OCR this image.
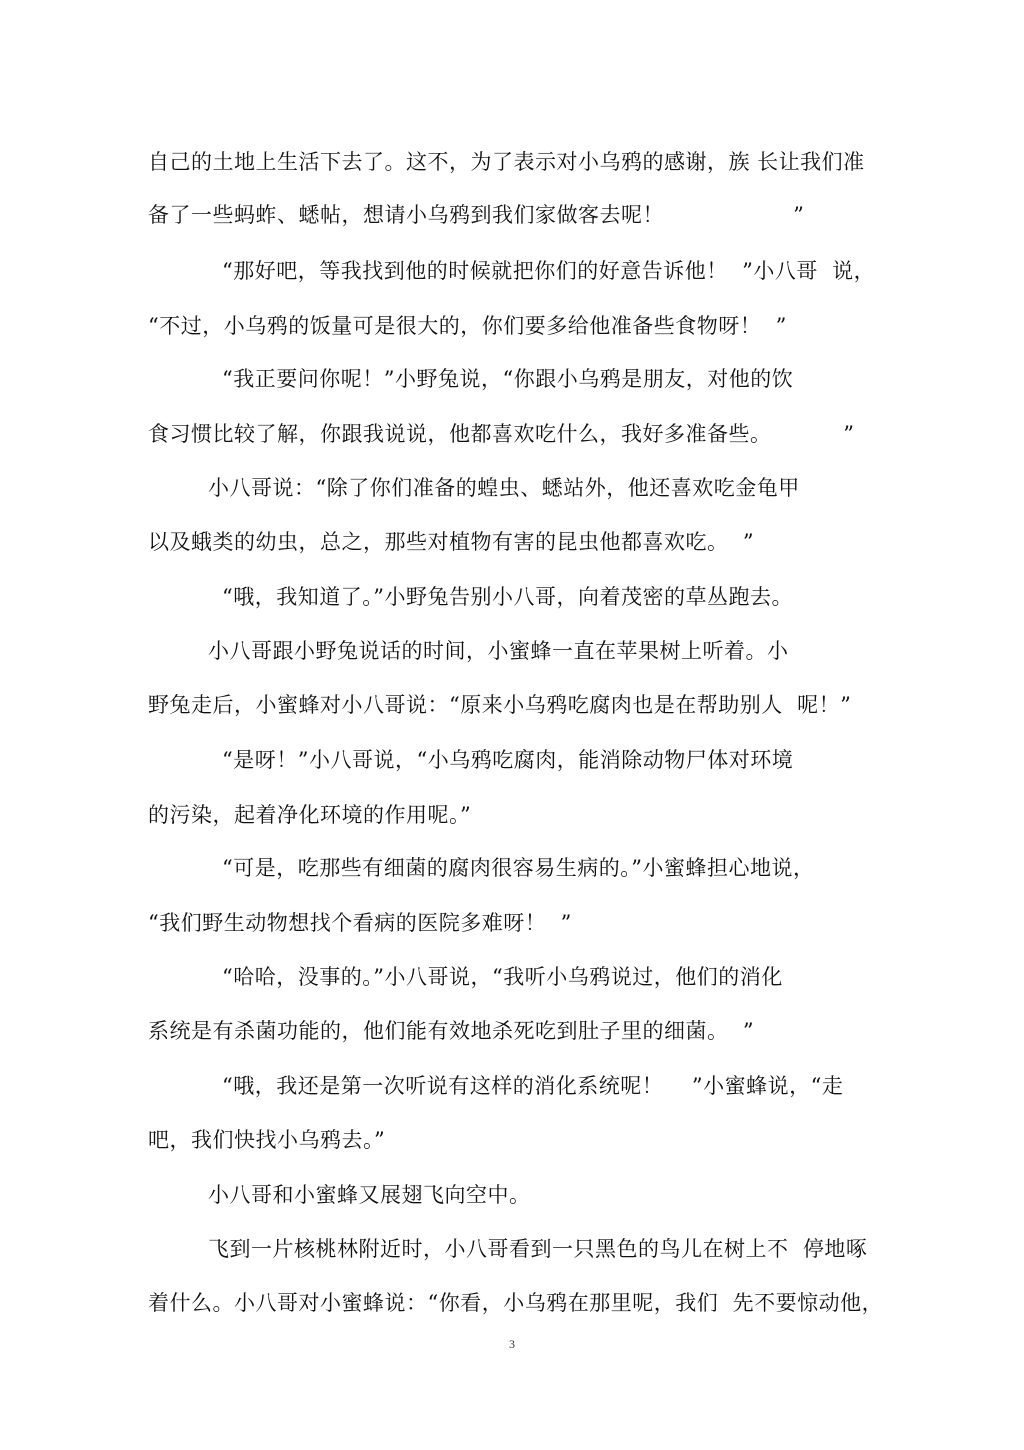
自己的土地上生活下去了。这不，为了表示对小乌鸦的感谢，族 长让我们准
备了一些蚂蚱、蟋帖，想请小乌鸦到我们家做客去呢！                  ”
“那好吧，等我找到他的时候就把你们的好意告诉他！  ”小八哥  说，
“不过，小乌鸦的饭量可是很大的，你们要多给他准备些食物呀！  ”
“我正要问你呢！”小野兔说，“你跟小乌鸦是朋友，对他的饮
食习惯比较了解，你跟我说说，他都喜欢吃什么，我好多准备些。          ”
小八哥说：“除了你们准备的蝗虫、蟋站外，他还喜欢吃金龟甲
以及蛾类的幼虫，总之，那些对植物有害的昆虫他都喜欢吃。  ”
“哦，我知道了。”小野兔告别小八哥，向着茂密的草丛跑去。
小八哥跟小野兔说话的时间，小蜜蜂一直在苹果树上听着。小
野兔走后，小蜜蜂对小八哥说：“原来小乌鸦吃腐肉也是在帮助别人  呢！”
“是呀！”小八哥说，“小乌鸦吃腐肉，能消除动物尸体对环境
的污染，起着净化环境的作用呢。”
“可是，吃那些有细菌的腐肉很容易生病的。”小蜜蜂担心地说，
“我们野生动物想找个看病的医院多难呀！  ”
“哈哈，没事的。”小八哥说，“我听小乌鸦说过，他们的消化
系统是有杀菌功能的，他们能有效地杀死吃到肚子里的细菌。  ”
“哦，我还是第一次听说有这样的消化系统呢！    ”小蜜蜂说，“走
吧，我们快找小乌鸦去。”
小八哥和小蜜蜂又展翅飞向空中。
飞到一片核桃林附近时，小八哥看到一只黑色的鸟儿在树上不  停地啄
着什么。小八哥对小蜜蜂说：“你看，小乌鸦在那里呢，我们  先不要惊动他，
3
